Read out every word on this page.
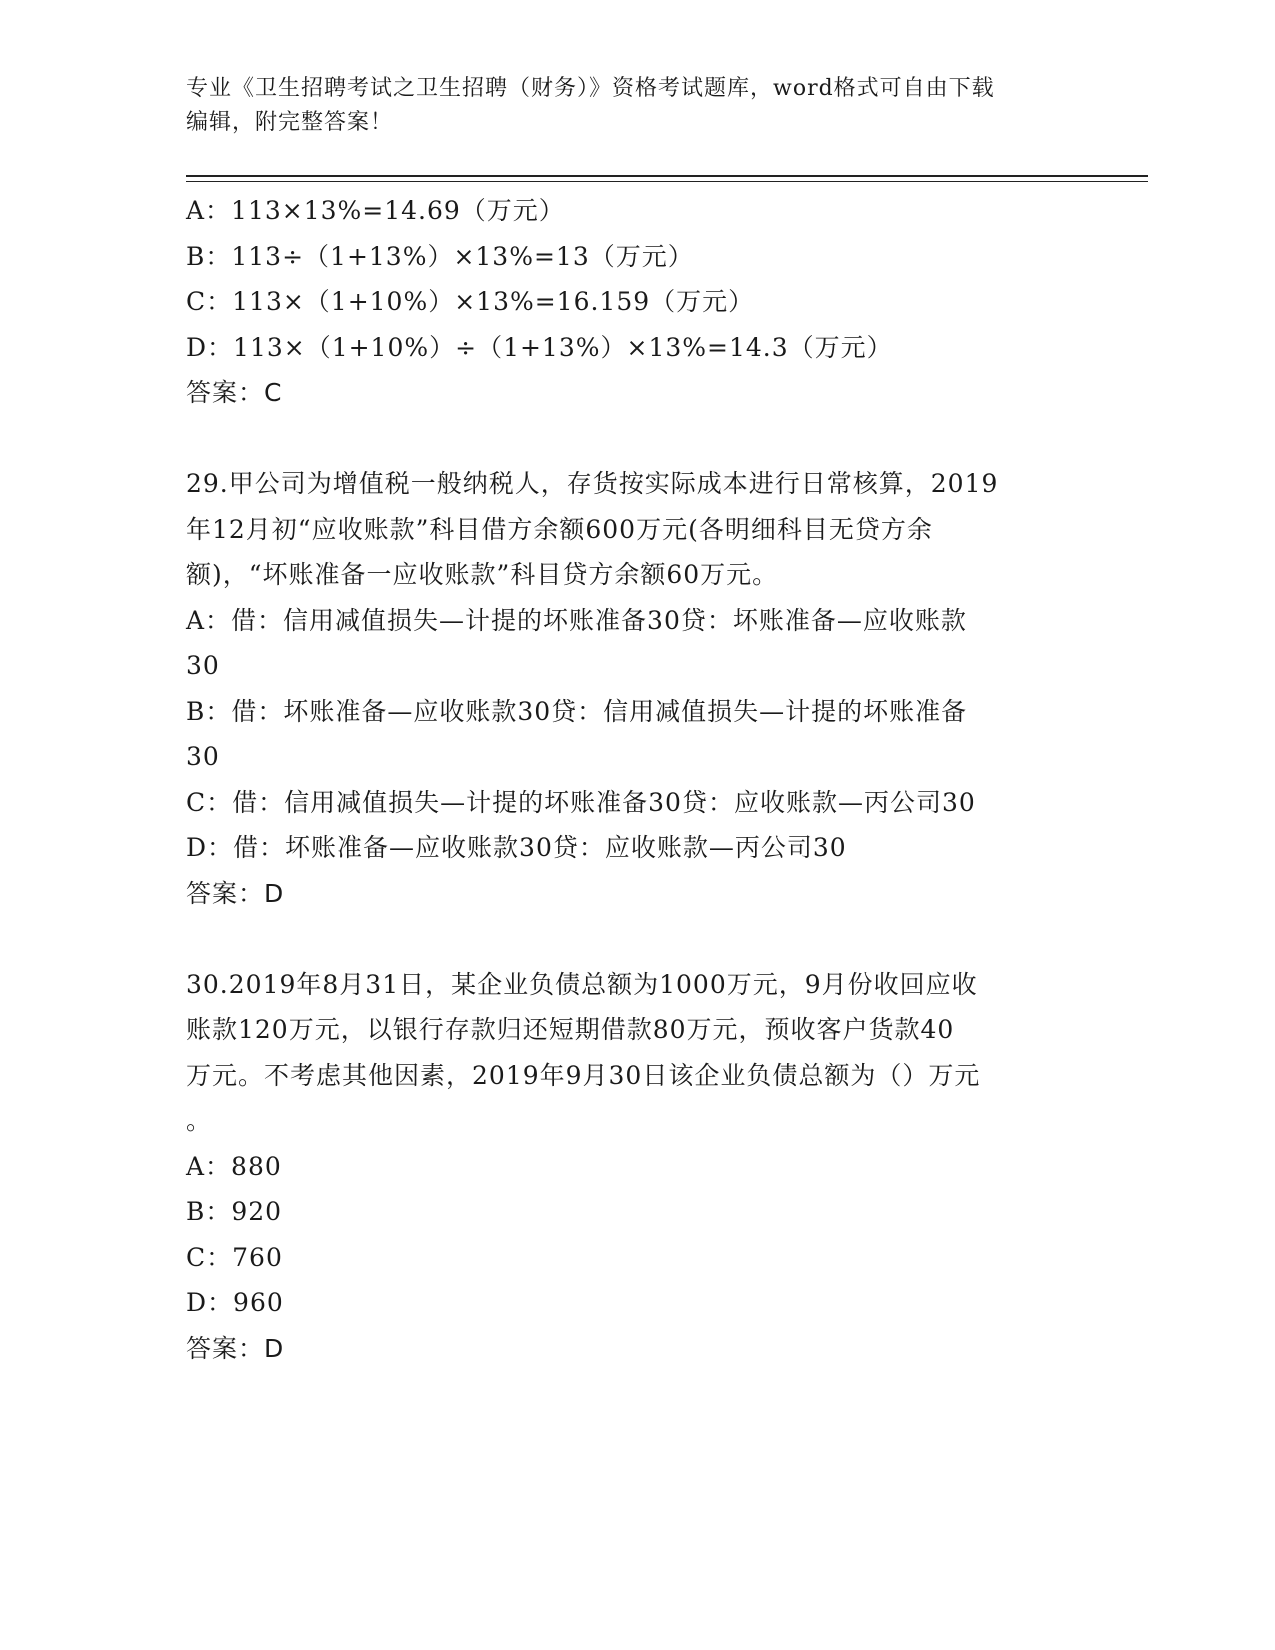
专业《卫生招聘考试之卫生招聘（财务）》资格考试题库，word格式可自由下载
编辑，附完整答案！
A：113×13%=14.69（万元）
B：113÷（1+13%）×13%=13（万元）
C：113×（1+10%）×13%=16.159（万元）
D：113×（1+10%）÷（1+13%）×13%=14.3（万元）
答案：C
29.甲公司为增值税一般纳税人，存货按实际成本进行日常核算，2019
年12月初“应收账款”科目借方余额600万元(各明细科目无贷方余
额)，“坏账准备一应收账款”科目贷方余额60万元。
A：借：信用减值损失—计提的坏账准备30贷：坏账准备—应收账款
30
B：借：坏账准备—应收账款30贷：信用减值损失—计提的坏账准备
30
C：借：信用减值损失—计提的坏账准备30贷：应收账款—丙公司30
D：借：坏账准备—应收账款30贷：应收账款—丙公司30
答案：D
30.2019年8月31日，某企业负债总额为1000万元，9月份收回应收
账款120万元，以银行存款归还短期借款80万元，预收客户货款40
万元。不考虑其他因素，2019年9月30日该企业负债总额为（）万元
。
A：880
B：920
C：760
D：960
答案：D
